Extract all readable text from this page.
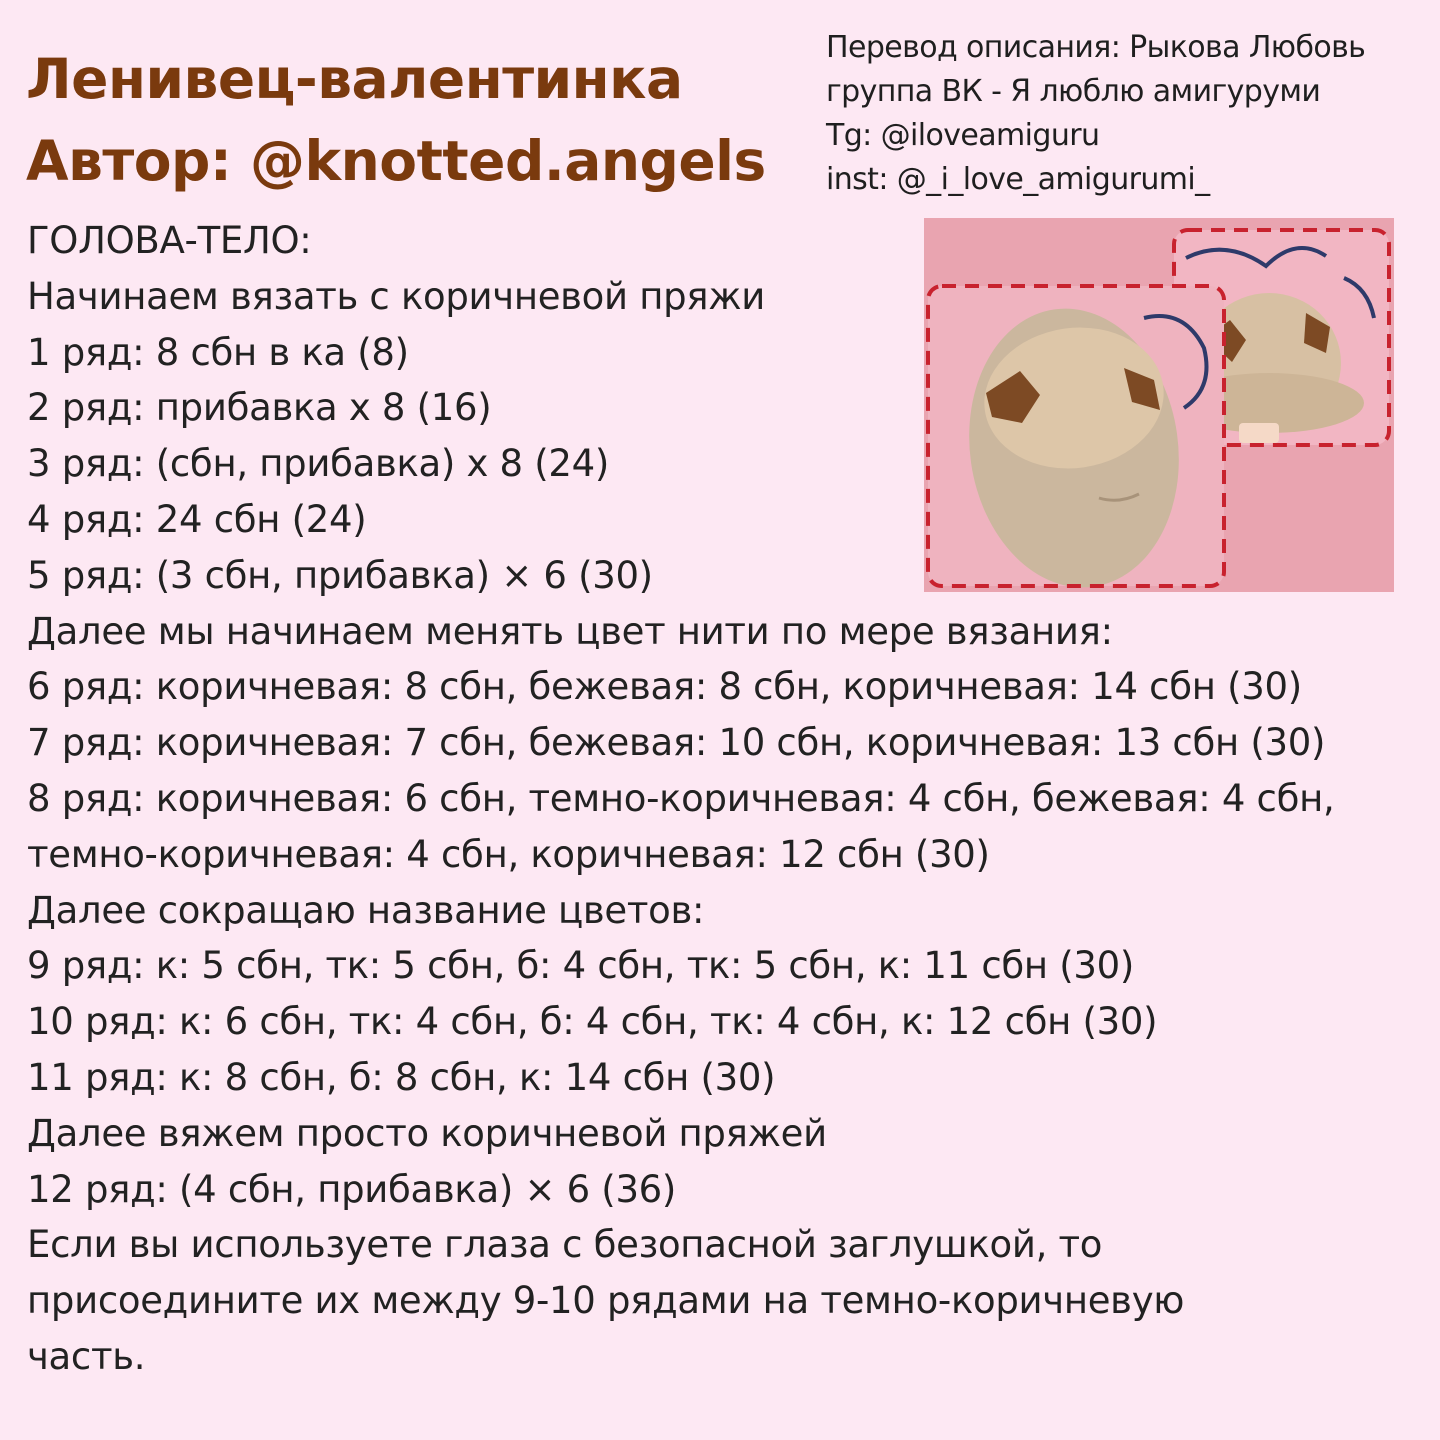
Ленивец-валентинка
Автор: @knotted.angels
Перевод описания: Рыкова Любовь
группа ВК - Я люблю амигуруми
Tg: @iloveamiguru
inst: @_i_love_amigurumi_
ГОЛОВА-ТЕЛО:
Начинаем вязать с коричневой пряжи
1 ряд: 8 сбн в ка (8)
2 ряд: прибавка х 8 (16)
3 ряд: (сбн, прибавка) х 8 (24)
4 ряд: 24 сбн (24)
5 ряд: (3 сбн, прибавка) × 6 (30)
Далее мы начинаем менять цвет нити по мере вязания:
6 ряд: коричневая: 8 сбн, бежевая: 8 сбн, коричневая: 14 сбн (30)
7 ряд: коричневая: 7 сбн, бежевая: 10 сбн, коричневая: 13 сбн (30)
8 ряд: коричневая: 6 сбн, темно-коричневая: 4 сбн, бежевая: 4 сбн, темно-коричневая: 4 сбн, коричневая: 12 сбн (30)
Далее сокращаю название цветов:
9 ряд: к: 5 сбн, тк: 5 сбн, б: 4 сбн, тк: 5 сбн, к: 11 сбн (30)
10 ряд: к: 6 сбн, тк: 4 сбн, б: 4 сбн, тк: 4 сбн, к: 12 сбн (30)
11 ряд: к: 8 сбн, б: 8 сбн, к: 14 сбн (30)
Далее вяжем просто коричневой пряжей
12 ряд: (4 сбн, прибавка) × 6 (36)
Если вы используете глаза с безопасной заглушкой, то присоедините их между 9-10 рядами на темно-коричневую часть.
